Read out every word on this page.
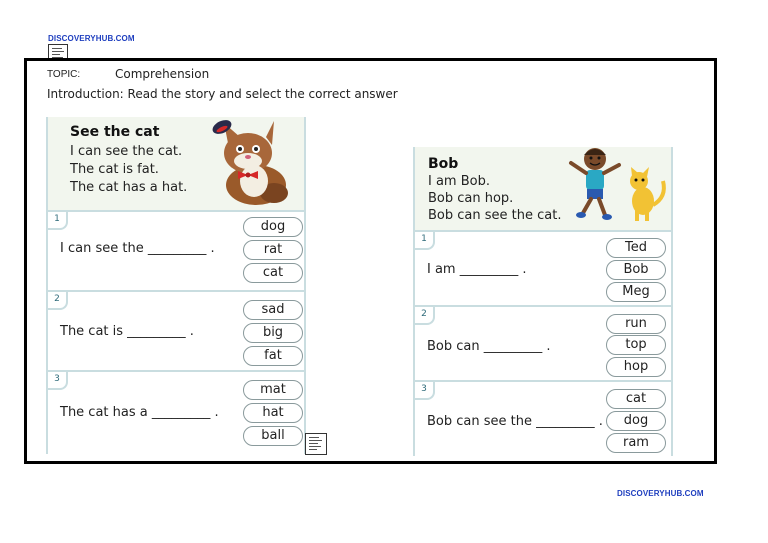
DISCOVERYHUB.COM
TOPIC:	Comprehension
Introduction: Read the story and select the correct answer
See the cat
I can see the cat.
The cat is fat.
The cat has a hat.
1
I can see the _________ .
dog
rat
cat
2
The cat is _________ .
sad
big
fat
3
The cat has a _________ .
mat
hat
ball
Bob
I am Bob.
Bob can hop.
Bob can see the cat.
1
I am _________ .
Ted
Bob
Meg
2
Bob can _________ .
run
top
hop
3
Bob can see the _________ .
cat
dog
ram
DISCOVERYHUB.COM
